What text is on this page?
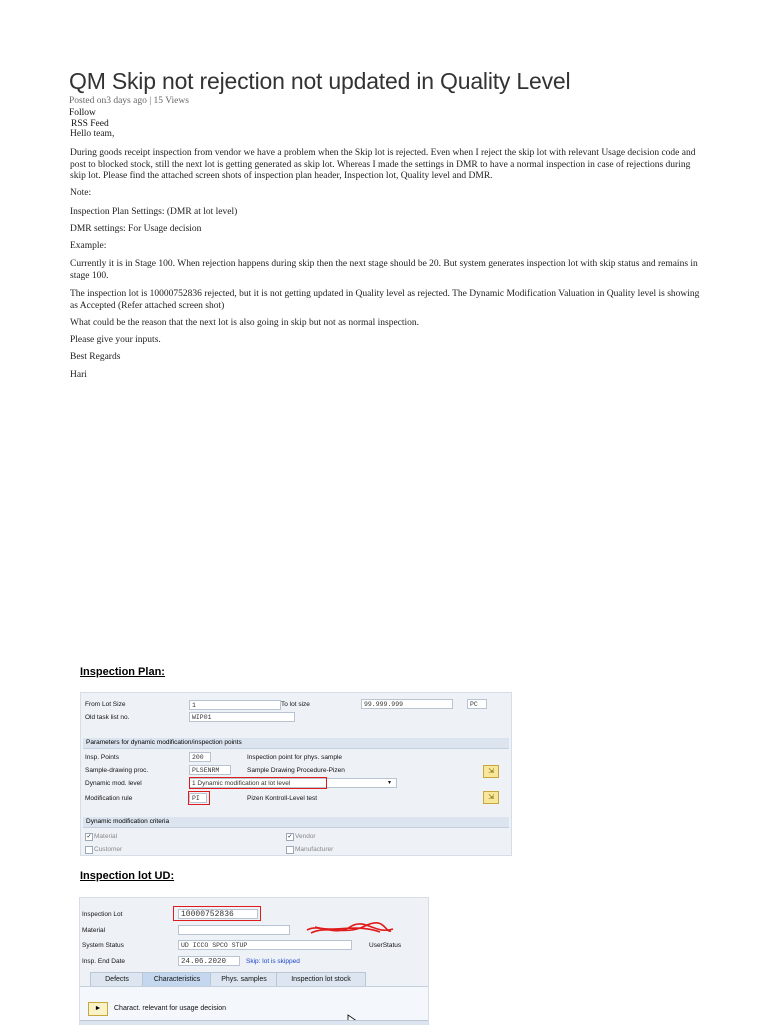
QM Skip not rejection not updated in Quality Level
Posted on3 days ago | 15 Views
Follow
RSS Feed

Hello team,

During goods receipt inspection from vendor we have a problem when the Skip lot is rejected. Even when I reject the skip lot with relevant Usage decision code and post to blocked stock, still the next lot is getting generated as skip lot. Whereas I made the settings in DMR to have a normal inspection in case of rejections during skip lot. Please find the attached screen shots of inspection plan header, Inspection lot, Quality level and DMR.

Note:

Inspection Plan Settings: (DMR at lot level)

DMR settings: For Usage decision

Example:

Currently it is in Stage 100. When rejection happens during skip then the next stage should be 20. But system generates inspection lot with skip status and remains in stage 100.

The inspection lot is 10000752836 rejected, but it is not getting updated in Quality level as rejected. The Dynamic Modification Valuation in Quality level is showing as Accepted (Refer attached screen shot)

What could be the reason that the next lot is also going in skip but not as normal inspection.

Please give your inputs.

Best Regards

Hari

Inspection Plan:
From Lot Size	1	To lot size	99.999.999	PC
Old task list no.	WIP01
Parameters for dynamic modification/inspection points
Insp. Points	200	Inspection point for phys. sample
Sample-drawing proc.	PLSENRM	Sample Drawing Procedure-Pizen	⇲
Dynamic mod. level	1 Dynamic modification at lot level	▾
Modification rule	PI	Pizen Kontroll-Level test	⇲
Dynamic modification criteria
✓ Material	✓ Vendor
Customer	Manufacturer
Inspection lot UD:
Inspection Lot	10000752836
Material
System Status	UD ICCO SPCO STUP	UserStatus
Insp. End Date	24.06.2020	Skip: lot is skipped
Defects	Characteristics	Phys. samples	Inspection lot stock
►	Charact. relevant for usage decision
